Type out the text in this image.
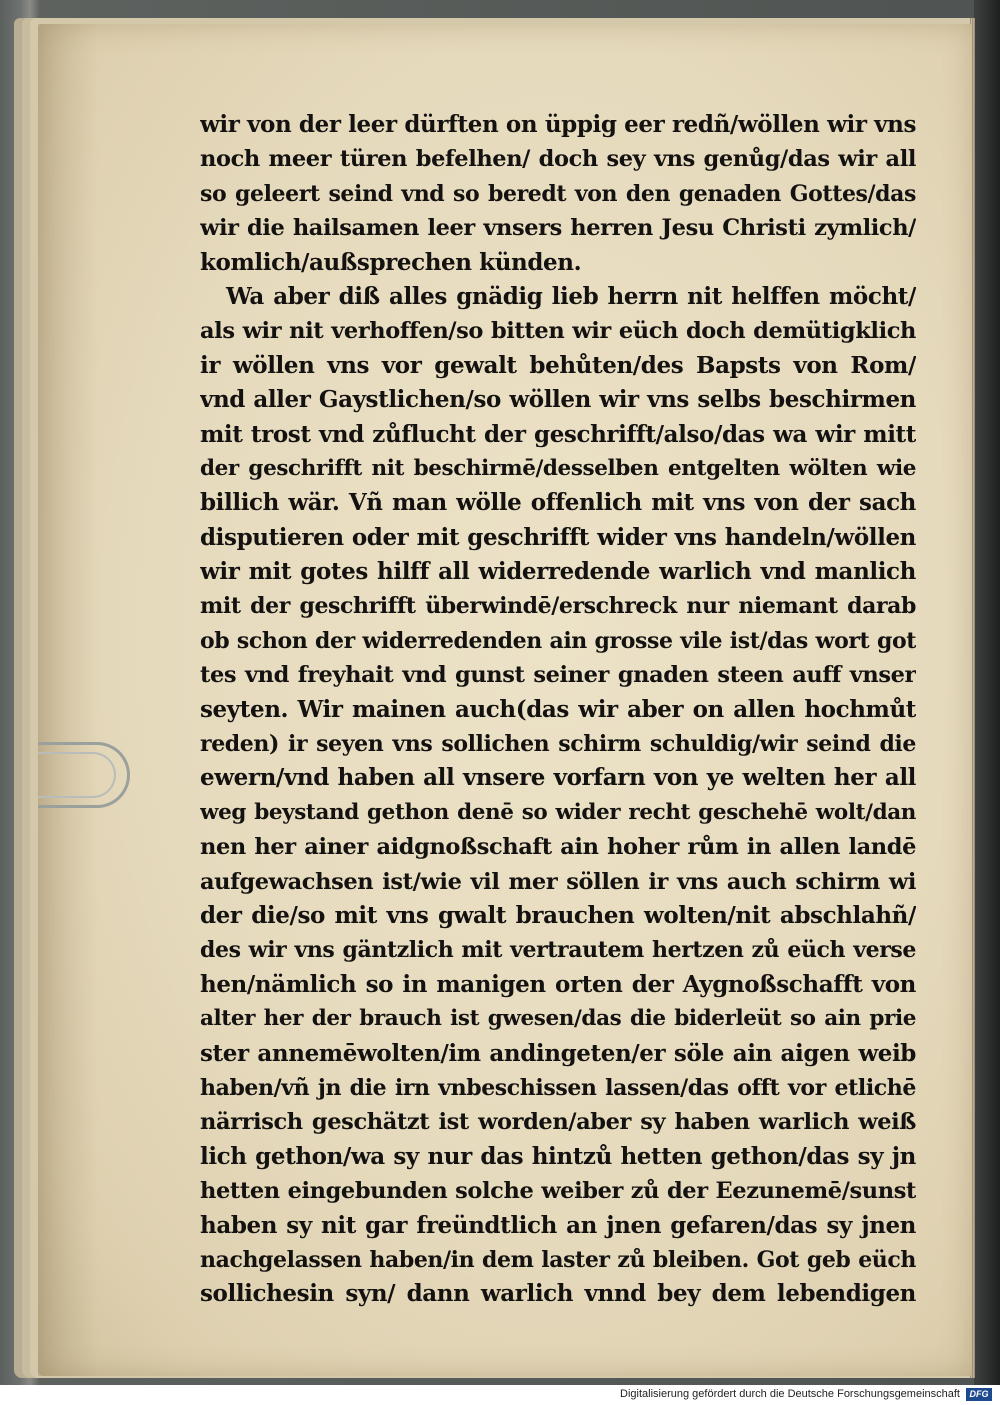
wir von der leer dürften on üppig eer redñ/wöllen wir vns
noch meer türen befelhen/ doch sey vns genůg/das wir all
so geleert seind vnd so beredt von den genaden Gottes/das
wir die hailsamen leer vnsers herren Jesu Christi zymlich/
komlich/außsprechen künden.
Wa aber diß alles gnädig lieb herrn nit helffen möcht/
als wir nit verhoffen/so bitten wir eüch doch demütigklich
ir wöllen vns vor gewalt behůten/des Bapsts von Rom/
vnd aller Gaystlichen/so wöllen wir vns selbs beschirmen
mit trost vnd zůflucht der geschrifft/also/das wa wir mitt
der geschrifft nit beschirmē/desselben entgelten wölten wie
billich wär. Vñ man wölle offenlich mit vns von der sach
disputieren oder mit geschrifft wider vns handeln/wöllen
wir mit gotes hilff all widerredende warlich vnd manlich
mit der geschrifft überwindē/erschreck nur niemant darab
ob schon der widerredenden ain grosse vile ist/das wort got
tes vnd freyhait vnd gunst seiner gnaden steen auff vnser
seyten. Wir mainen auch(das wir aber on allen hochmůt
reden) ir seyen vns sollichen schirm schuldig/wir seind die
ewern/vnd haben all vnsere vorfarn von ye welten her all
weg beystand gethon denē so wider recht geschehē wolt/dan
nen her ainer aidgnoßschaft ain hoher rům in allen landē
aufgewachsen ist/wie vil mer söllen ir vns auch schirm wi
der die/so mit vns gwalt brauchen wolten/nit abschlahñ/
des wir vns gäntzlich mit vertrautem hertzen zů eüch verse
hen/nämlich so in manigen orten der Aygnoßschafft von
alter her der brauch ist gwesen/das die biderleüt so ain prie
ster annemēwolten/im andingeten/er söle ain aigen weib
haben/vñ jn die irn vnbeschissen lassen/das offt vor etlichē
närrisch geschätzt ist worden/aber sy haben warlich weiß
lich gethon/wa sy nur das hintzů hetten gethon/das sy jn
hetten eingebunden solche weiber zů der Eezunemē/sunst
haben sy nit gar freündtlich an jnen gefaren/das sy jnen
nachgelassen haben/in dem laster zů bleiben. Got geb eüch
sollichesin syn/ dann warlich vnnd bey dem lebendigen
Digitalisierung gefördert durch die Deutsche Forschungsgemeinschaft	DFG
